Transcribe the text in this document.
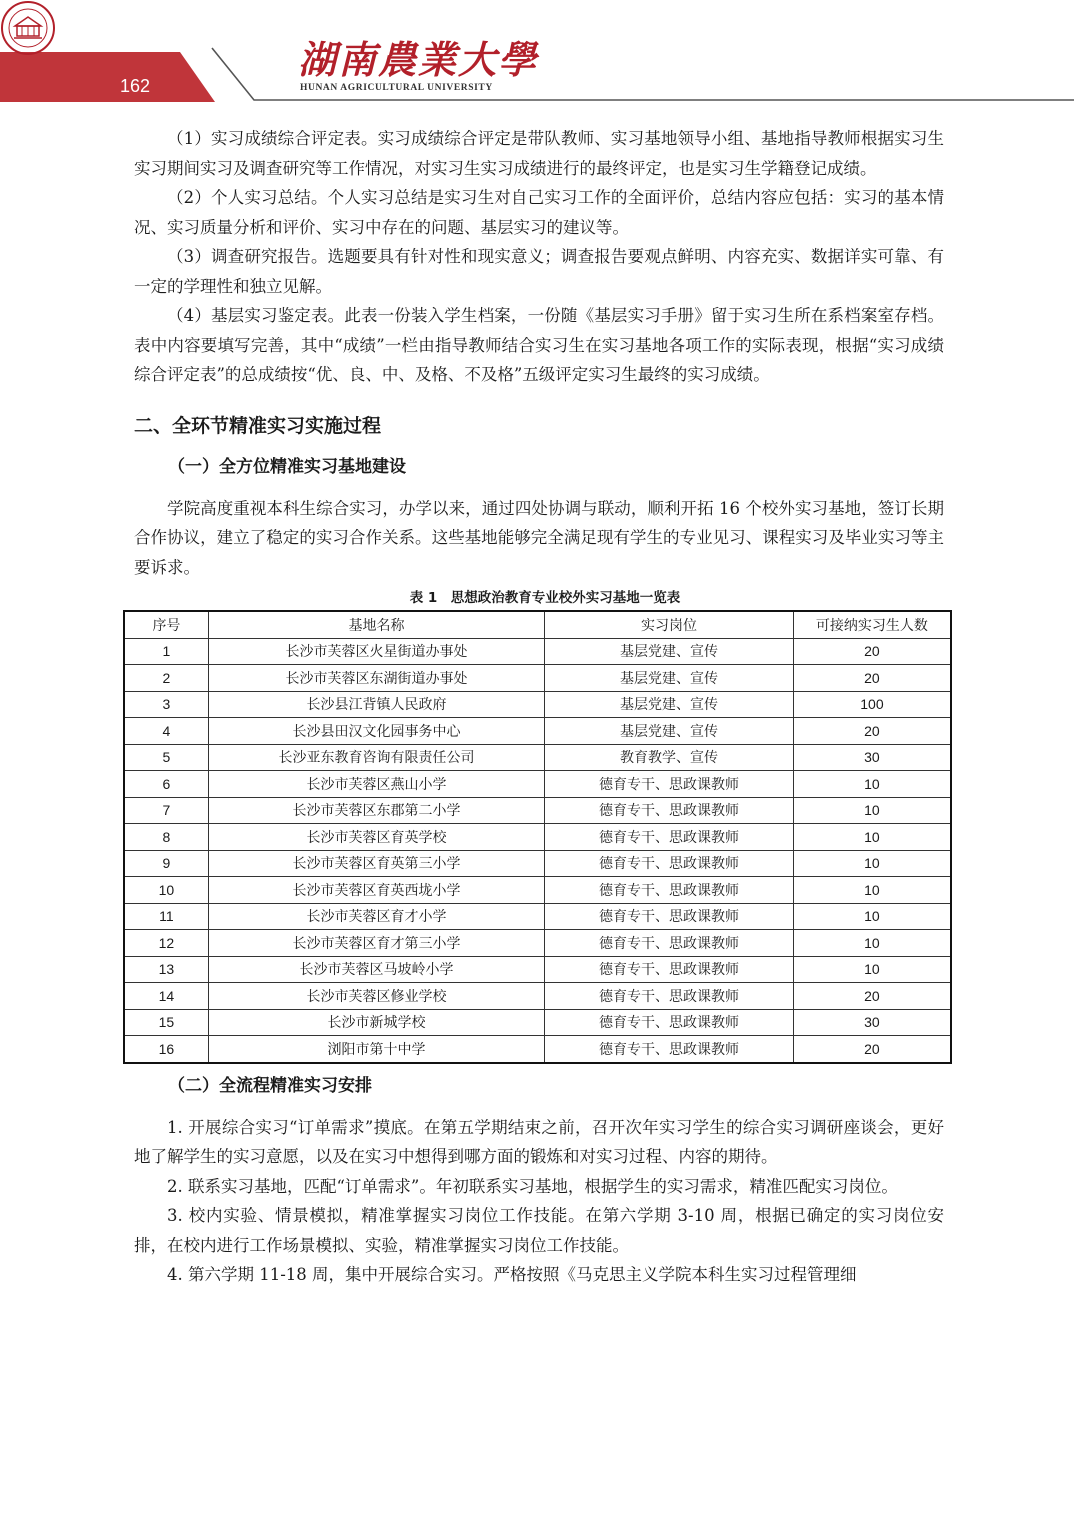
162
湖南農業大學
HUNAN AGRICULTURAL UNIVERSITY

（1）实习成绩综合评定表。实习成绩综合评定是带队教师、实习基地领导小组、基地指导教师根据实习生实习期间实习及调查研究等工作情况，对实习生实习成绩进行的最终评定，也是实习生学籍登记成绩。

（2）个人实习总结。个人实习总结是实习生对自己实习工作的全面评价，总结内容应包括：实习的基本情况、实习质量分析和评价、实习中存在的问题、基层实习的建议等。

（3）调查研究报告。选题要具有针对性和现实意义；调查报告要观点鲜明、内容充实、数据详实可靠、有一定的学理性和独立见解。

（4）基层实习鉴定表。此表一份装入学生档案，一份随《基层实习手册》留于实习生所在系档案室存档。表中内容要填写完善，其中“成绩”一栏由指导教师结合实习生在实习基地各项工作的实际表现，根据“实习成绩综合评定表”的总成绩按“优、良、中、及格、不及格”五级评定实习生最终的实习成绩。

二、全环节精准实习实施过程
（一）全方位精准实习基地建设

学院高度重视本科生综合实习，办学以来，通过四处协调与联动，顺利开拓 16 个校外实习基地，签订长期合作协议，建立了稳定的实习合作关系。这些基地能够完全满足现有学生的专业见习、课程实习及毕业实习等主要诉求。

表 1　思想政治教育专业校外实习基地一览表
序号	基地名称	实习岗位	可接纳实习生人数
1	长沙市芙蓉区火星街道办事处	基层党建、宣传	20
2	长沙市芙蓉区东湖街道办事处	基层党建、宣传	20
3	长沙县江背镇人民政府	基层党建、宣传	100
4	长沙县田汉文化园事务中心	基层党建、宣传	20
5	长沙亚东教育咨询有限责任公司	教育教学、宣传	30
6	长沙市芙蓉区燕山小学	德育专干、思政课教师	10
7	长沙市芙蓉区东郡第二小学	德育专干、思政课教师	10
8	长沙市芙蓉区育英学校	德育专干、思政课教师	10
9	长沙市芙蓉区育英第三小学	德育专干、思政课教师	10
10	长沙市芙蓉区育英西垅小学	德育专干、思政课教师	10
11	长沙市芙蓉区育才小学	德育专干、思政课教师	10
12	长沙市芙蓉区育才第三小学	德育专干、思政课教师	10
13	长沙市芙蓉区马坡岭小学	德育专干、思政课教师	10
14	长沙市芙蓉区修业学校	德育专干、思政课教师	20
15	长沙市新城学校	德育专干、思政课教师	30
16	浏阳市第十中学	德育专干、思政课教师	20
（二）全流程精准实习安排

1. 开展综合实习“订单需求”摸底。在第五学期结束之前，召开次年实习学生的综合实习调研座谈会，更好地了解学生的实习意愿，以及在实习中想得到哪方面的锻炼和对实习过程、内容的期待。

2. 联系实习基地，匹配“订单需求”。年初联系实习基地，根据学生的实习需求，精准匹配实习岗位。

3. 校内实验、情景模拟，精准掌握实习岗位工作技能。在第六学期 3-10 周，根据已确定的实习岗位安排，在校内进行工作场景模拟、实验，精准掌握实习岗位工作技能。

4. 第六学期 11-18 周，集中开展综合实习。严格按照《马克思主义学院本科生实习过程管理细
